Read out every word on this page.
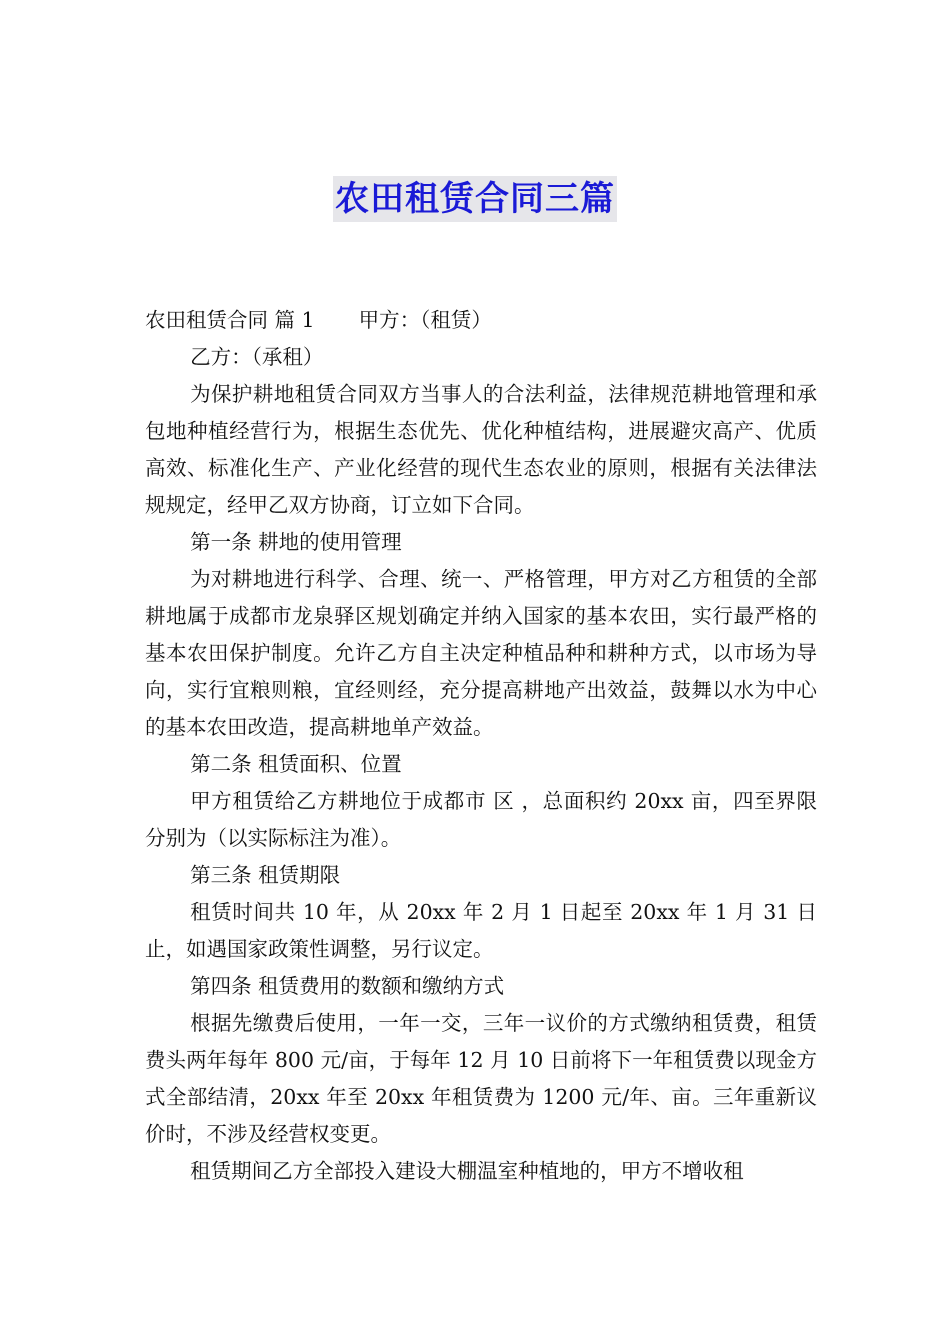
农田租赁合同三篇

农田租赁合同 篇 1 甲方：（租赁）

乙方：（承租）

为保护耕地租赁合同双方当事人的合法利益，法律规范耕地管理和承包地种植经营行为，根据生态优先、优化种植结构，进展避灾高产、优质高效、标准化生产、产业化经营的现代生态农业的原则，根据有关法律法规规定，经甲乙双方协商，订立如下合同。

第一条 耕地的使用管理

为对耕地进行科学、合理、统一、严格管理，甲方对乙方租赁的全部耕地属于成都市龙泉驿区规划确定并纳入国家的基本农田，实行最严格的基本农田保护制度。允许乙方自主决定种植品种和耕种方式，以市场为导向，实行宜粮则粮，宜经则经，充分提高耕地产出效益，鼓舞以水为中心的基本农田改造，提高耕地单产效益。

第二条 租赁面积、位置

甲方租赁给乙方耕地位于成都市 区 ，总面积约 20xx 亩，四至界限分别为（以实际标注为准）。

第三条 租赁期限

租赁时间共 10 年，从 20xx 年 2 月 1 日起至 20xx 年 1 月 31 日止，如遇国家政策性调整，另行议定。

第四条 租赁费用的数额和缴纳方式

根据先缴费后使用，一年一交，三年一议价的方式缴纳租赁费，租赁费头两年每年 800 元/亩，于每年 12 月 10 日前将下一年租赁费以现金方式全部结清，20xx 年至 20xx 年租赁费为 1200 元/年、亩。三年重新议价时，不涉及经营权变更。

租赁期间乙方全部投入建设大棚温室种植地的，甲方不增收租
